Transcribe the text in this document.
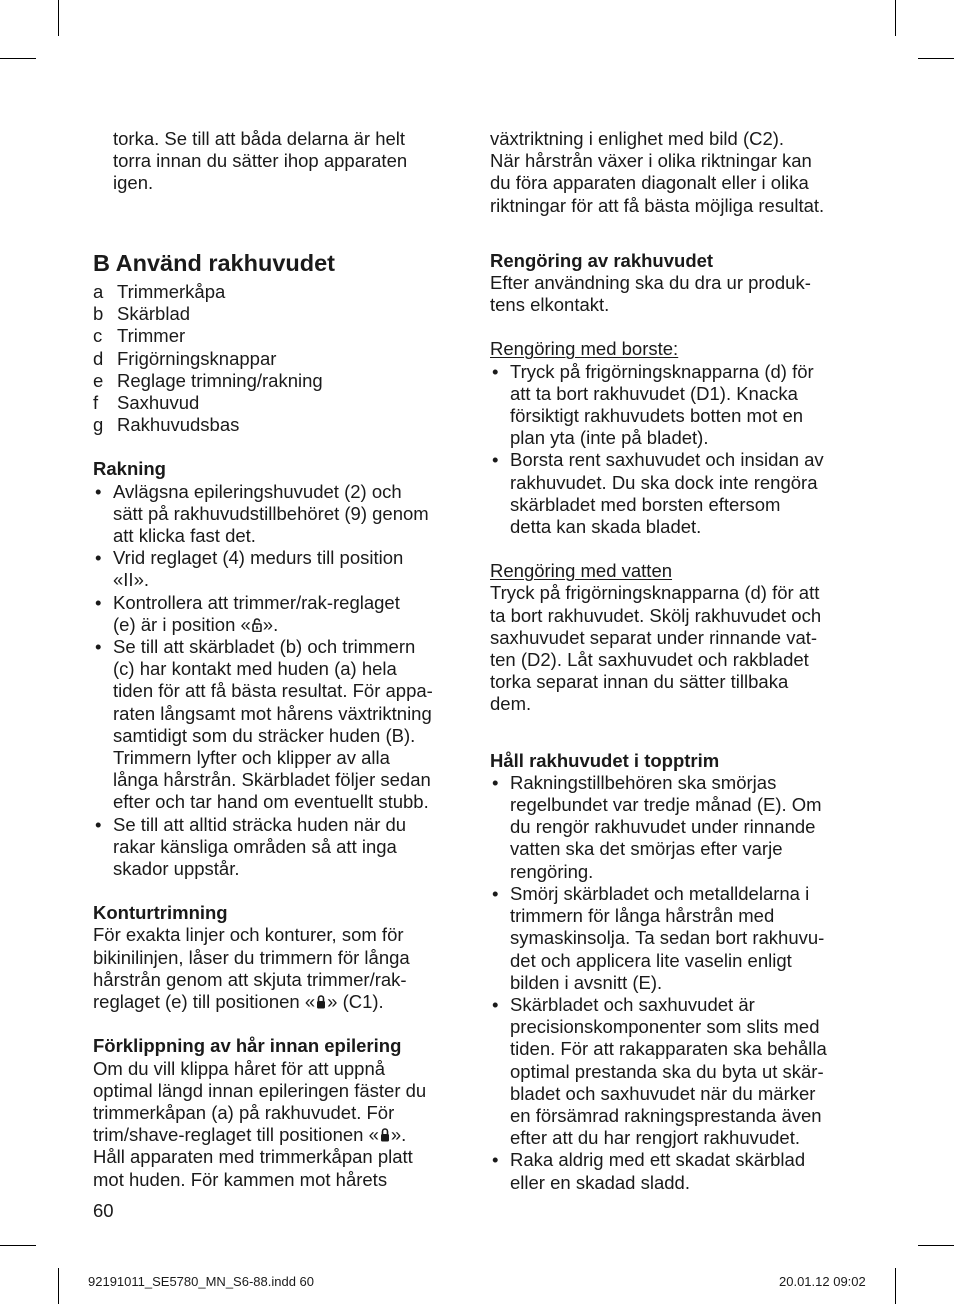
torka. Se till att båda delarna är helt
torra innan du sätter ihop apparaten
igen.
B Använd rakhuvudet
a Trimmerkåpa
b Skärblad
c Trimmer
d Frigörningsknappar
e Reglage trimning/rakning
f	Saxhuvud
g Rakhuvudsbas
Rakning
• Avlägsna epileringshuvudet (2) och
sätt på rakhuvudstillbehöret (9) genom
att klicka fast det.
• Vrid reglaget (4) medurs till position
«II».
• Kontrollera att trimmer/rak-reglaget
(e) är i position « ».
• Se till att skärbladet (b) och trimmern
(c) har kontakt med huden (a) hela
tiden för att få bästa resultat. För appa-
raten långsamt mot hårens växtriktning
samtidigt som du sträcker huden (B).
Trimmern lyfter och klipper av alla
långa hårstrån. Skärbladet följer sedan
efter och tar hand om eventuellt stubb.
• Se till att alltid sträcka huden när du
rakar känsliga områden så att inga
skador uppstår.
Konturtrimning
För exakta linjer och konturer, som för
bikinilinjen, låser du trimmern för långa
hårstrån genom att skjuta trimmer/rak-
reglaget (e) till positionen « » (C1).
Förklippning av hår innan epilering
Om du vill klippa håret för att uppnå
optimal längd innan epileringen fäster du
trimmerkåpan (a) på rakhuvudet. För
trim/shave-reglaget till positionen « ».
Håll apparaten med trimmerkåpan platt
mot huden. För kammen mot hårets
växtriktning i enlighet med bild (C2).
När hårstrån växer i olika riktningar kan
du föra apparaten diagonalt eller i olika
riktningar för att få bästa möjliga resultat.
Rengöring av rakhuvudet
Efter användning ska du dra ur produk-
tens elkontakt.
Rengöring med borste:
• Tryck på frigörningsknapparna (d) för
att ta bort rakhuvudet (D1). Knacka
försiktigt rakhuvudets botten mot en
plan yta (inte på bladet).
• Borsta rent saxhuvudet och insidan av
rakhuvudet. Du ska dock inte rengöra
skärbladet med borsten eftersom
detta kan skada bladet.
Rengöring med vatten
Tryck på frigörningsknapparna (d) för att
ta bort rakhuvudet. Skölj rakhuvudet och
saxhuvudet separat under rinnande vat-
ten (D2). Låt saxhuvudet och rakbladet
torka separat innan du sätter tillbaka
dem.
Håll rakhuvudet i topptrim
• Rakningstillbehören ska smörjas
regelbundet var tredje månad (E). Om
du rengör rakhuvudet under rinnande
vatten ska det smörjas efter varje
rengöring.
• Smörj skärbladet och metalldelarna i
trimmern för långa hårstrån med
symaskinsolja. Ta sedan bort rakhuvu-
det och applicera lite vaselin enligt
bilden i avsnitt (E).
• Skärbladet och saxhuvudet är
precisionskomponenter som slits med
tiden. För att rakapparaten ska behålla
optimal prestanda ska du byta ut skär-
bladet och saxhuvudet när du märker
en försämrad rakningsprestanda även
efter att du har rengjort rakhuvudet.
• Raka aldrig med ett skadat skärblad
eller en skadad sladd.
60
92191011_SE5780_MN_S6-88.indd 60	20.01.12 09:02
